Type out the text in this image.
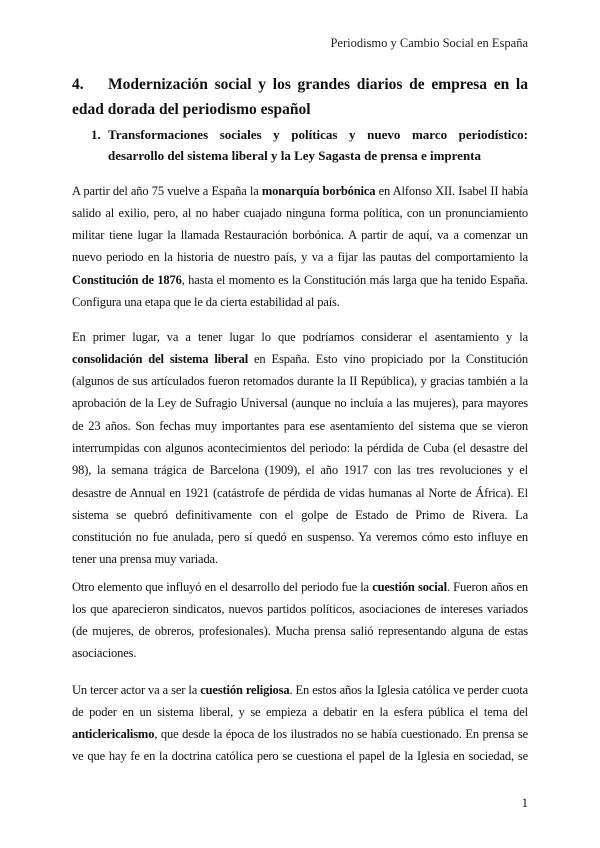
Periodismo y Cambio Social en España
4. Modernización social y los grandes diarios de empresa en la edad dorada del periodismo español
1. Transformaciones sociales y políticas y nuevo marco periodístico: desarrollo del sistema liberal y la Ley Sagasta de prensa e imprenta

A partir del año 75 vuelve a España la monarquía borbónica en Alfonso XII. Isabel II había salido al exilio, pero, al no haber cuajado ninguna forma política, con un pronunciamiento militar tiene lugar la llamada Restauración borbónica. A partir de aquí, va a comenzar un nuevo periodo en la historia de nuestro país, y va a fijar las pautas del comportamiento la Constitución de 1876, hasta el momento es la Constitución más larga que ha tenido España. Configura una etapa que le da cierta estabilidad al país.

En primer lugar, va a tener lugar lo que podríamos considerar el asentamiento y la consolidación del sistema liberal en España. Esto vino propiciado por la Constitución (algunos de sus artículados fueron retomados durante la II República), y gracias también a la aprobación de la Ley de Sufragio Universal (aunque no incluía a las mujeres), para mayores de 23 años. Son fechas muy importantes para ese asentamiento del sistema que se vieron interrumpidas con algunos acontecimientos del periodo: la pérdida de Cuba (el desastre del 98), la semana trágica de Barcelona (1909), el año 1917 con las tres revoluciones y el desastre de Annual en 1921 (catástrofe de pérdida de vidas humanas al Norte de África). El sistema se quebró definitivamente con el golpe de Estado de Primo de Rivera. La constitución no fue anulada, pero sí quedó en suspenso. Ya veremos cómo esto influye en tener una prensa muy variada.

Otro elemento que influyó en el desarrollo del periodo fue la cuestión social. Fueron años en los que aparecieron sindicatos, nuevos partidos políticos, asociaciones de intereses variados (de mujeres, de obreros, profesionales). Mucha prensa salió representando alguna de estas asociaciones.

Un tercer actor va a ser la cuestión religiosa. En estos años la Iglesia católica ve perder cuota de poder en un sistema liberal, y se empieza a debatir en la esfera pública el tema del anticlericalismo, que desde la época de los ilustrados no se había cuestionado. En prensa se ve que hay fe en la doctrina católica pero se cuestiona el papel de la Iglesia en sociedad, se

1
